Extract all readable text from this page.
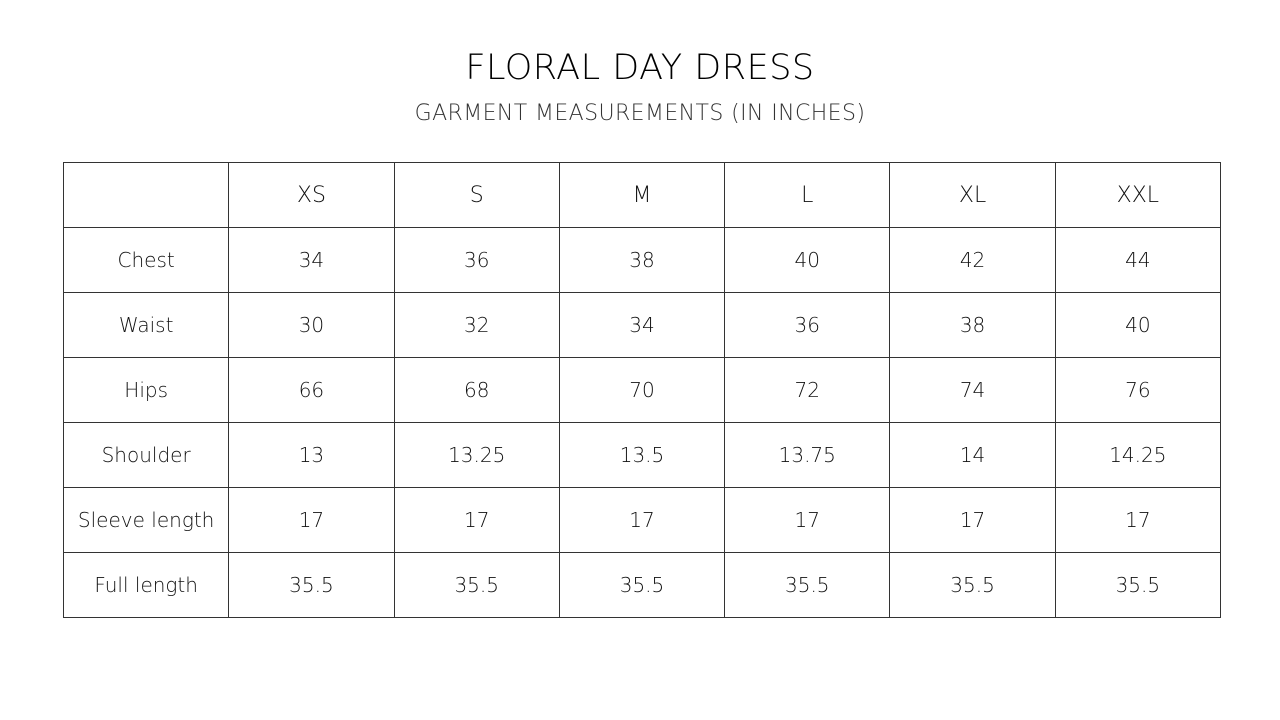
FLORAL DAY DRESS
GARMENT MEASUREMENTS (IN INCHES)
	XS	S	M	L	XL	XXL
Chest	34	36	38	40	42	44
Waist	30	32	34	36	38	40
Hips	66	68	70	72	74	76
Shoulder	13	13.25	13.5	13.75	14	14.25
Sleeve length	17	17	17	17	17	17
Full length	35.5	35.5	35.5	35.5	35.5	35.5
